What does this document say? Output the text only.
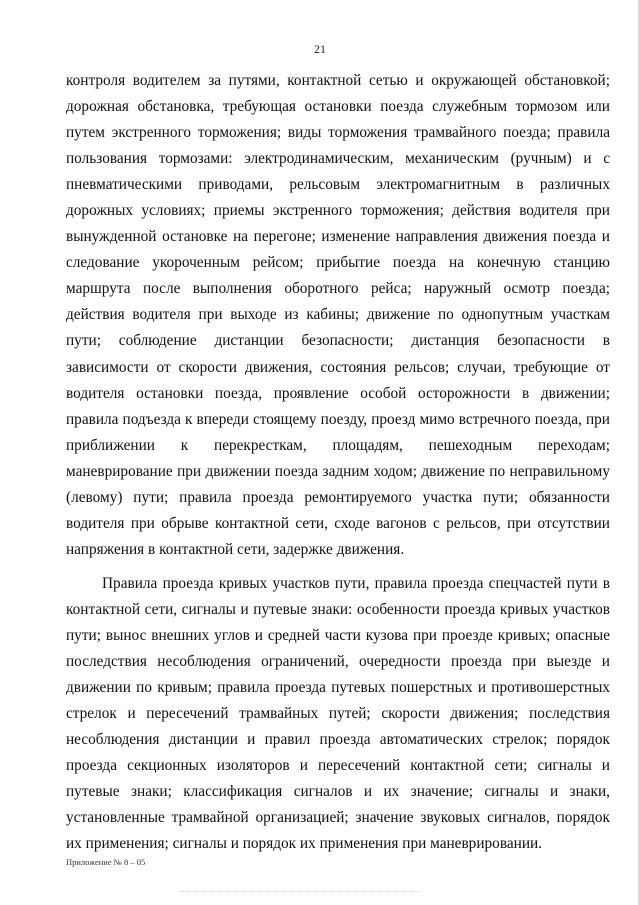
21

контроля водителем за путями, контактной сетью и окружающей обстановкой; дорожная обстановка, требующая остановки поезда служебным тормозом или путем экстренного торможения; виды торможения трамвайного поезда; правила пользования тормозами: электродинамическим, механическим (ручным) и с пневматическими приводами, рельсовым электромагнитным в различных дорожных условиях; приемы экстренного торможения; действия водителя при вынужденной остановке на перегоне; изменение направления движения поезда и следование укороченным рейсом; прибытие поезда на конечную станцию маршрута после выполнения оборотного рейса; наружный осмотр поезда; действия водителя при выходе из кабины; движение по однопутным участкам пути; соблюдение дистанции безопасности; дистанция безопасности в зависимости от скорости движения, состояния рельсов; случаи, требующие от водителя остановки поезда, проявление особой осторожности в движении; правила подъезда к впереди стоящему поезду, проезд мимо встречного поезда, при приближении к перекресткам, площадям, пешеходным переходам; маневрирование при движении поезда задним ходом; движение по неправильному (левому) пути; правила проезда ремонтируемого участка пути; обязанности водителя при обрыве контактной сети, сходе вагонов с рельсов, при отсутствии напряжения в контактной сети, задержке движения.

Правила проезда кривых участков пути, правила проезда спецчастей пути в контактной сети, сигналы и путевые знаки: особенности проезда кривых участков пути; вынос внешних углов и средней части кузова при проезде кривых; опасные последствия несоблюдения ограничений, очередности проезда при выезде и движении по кривым; правила проезда путевых пошерстных и противошерстных стрелок и пересечений трамвайных путей; скорости движения; последствия несоблюдения дистанции и правил проезда автоматических стрелок; порядок проезда секционных изоляторов и пересечений контактной сети; сигналы и путевые знаки; классификация сигналов и их значение; сигналы и знаки, установленные трамвайной организацией; значение звуковых сигналов, порядок их применения; сигналы и порядок их применения при маневрировании.

Приложение № 8 – 05
